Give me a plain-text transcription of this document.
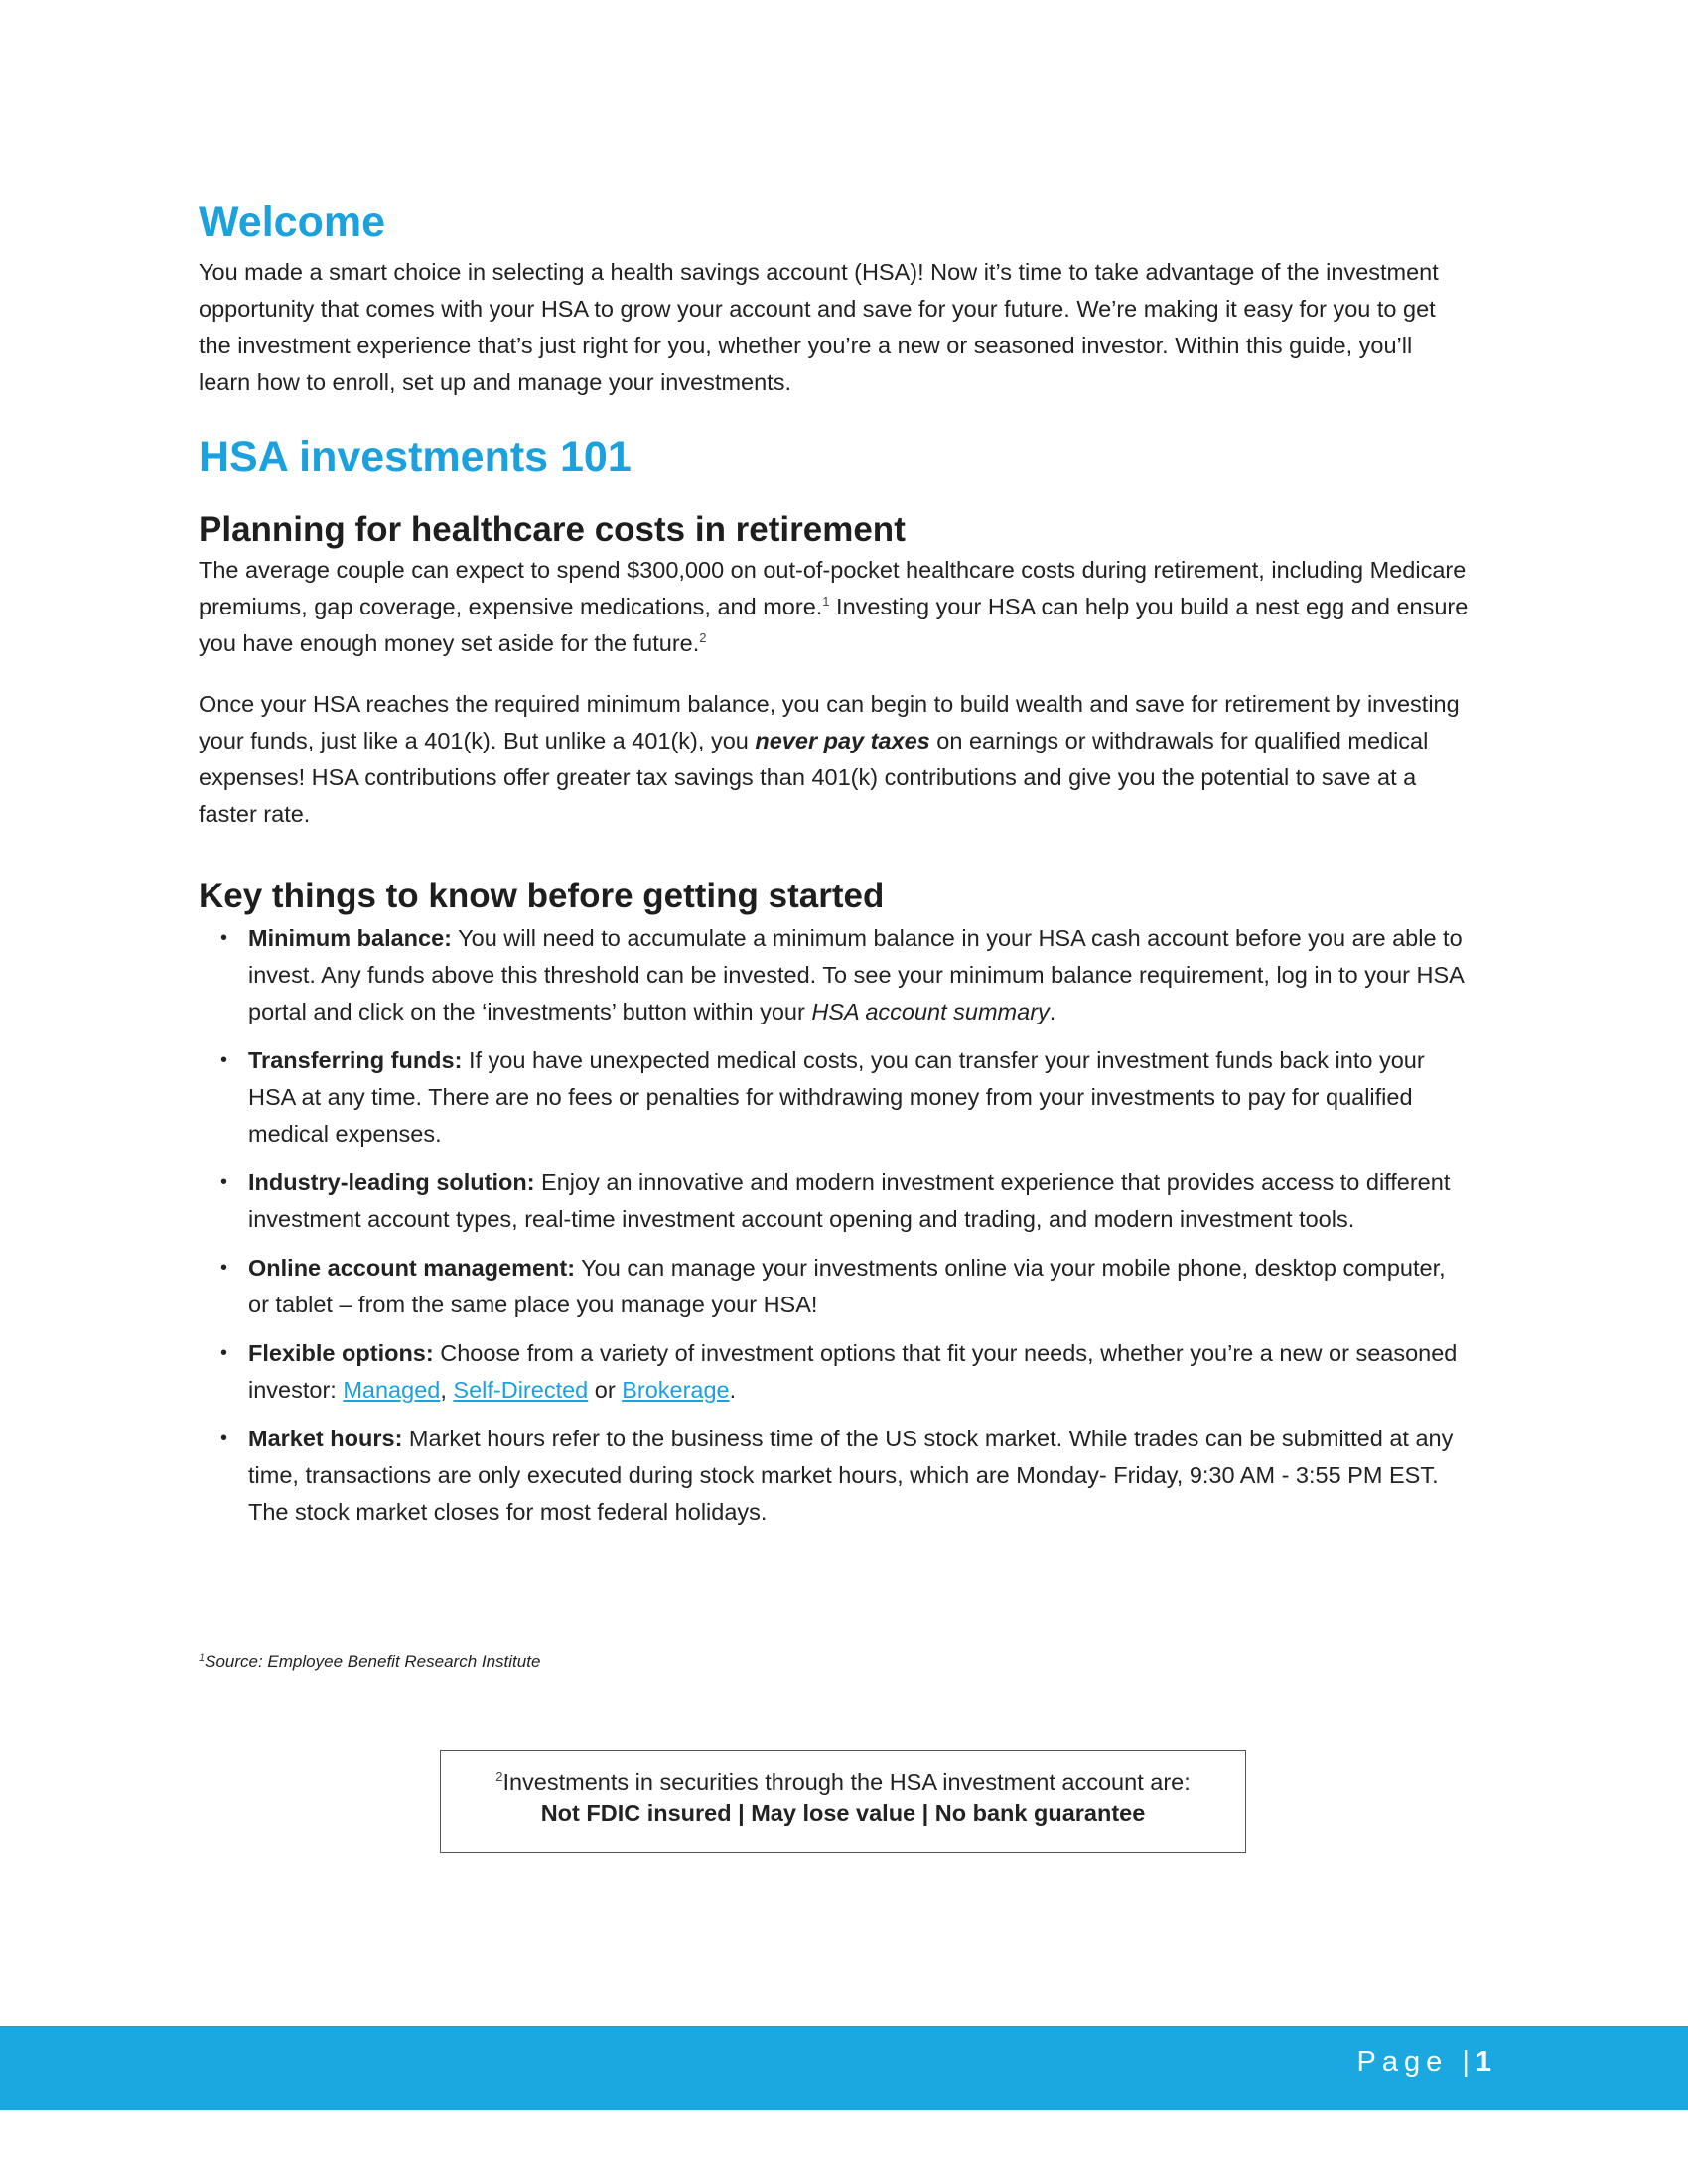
Welcome

You made a smart choice in selecting a health savings account (HSA)! Now it’s time to take advantage of the investment opportunity that comes with your HSA to grow your account and save for your future. We’re making it easy for you to get the investment experience that’s just right for you, whether you’re a new or seasoned investor. Within this guide, you’ll learn how to enroll, set up and manage your investments.

HSA investments 101
Planning for healthcare costs in retirement

The average couple can expect to spend $300,000 on out-of-pocket healthcare costs during retirement, including Medicare premiums, gap coverage, expensive medications, and more.$^1$ Investing your HSA can help you build a nest egg and ensure you have enough money set aside for the future.$^2$

Once your HSA reaches the required minimum balance, you can begin to build wealth and save for retirement by investing your funds, just like a 401(k). But unlike a 401(k), you never pay taxes on earnings or withdrawals for qualified medical expenses! HSA contributions offer greater tax savings than 401(k) contributions and give you the potential to save at a faster rate.

Key things to know before getting started
• Minimum balance: You will need to accumulate a minimum balance in your HSA cash account before you are able to invest. Any funds above this threshold can be invested. To see your minimum balance requirement, log in to your HSA portal and click on the ‘investments’ button within your HSA account summary.
• Transferring funds: If you have unexpected medical costs, you can transfer your investment funds back into your HSA at any time. There are no fees or penalties for withdrawing money from your investments to pay for qualified medical expenses.
• Industry-leading solution: Enjoy an innovative and modern investment experience that provides access to different investment account types, real-time investment account opening and trading, and modern investment tools.
• Online account management: You can manage your investments online via your mobile phone, desktop computer, or tablet – from the same place you manage your HSA!
• Flexible options: Choose from a variety of investment options that fit your needs, whether you’re a new or seasoned investor: Managed, Self-Directed or Brokerage.
• Market hours: Market hours refer to the business time of the US stock market. While trades can be submitted at any time, transactions are only executed during stock market hours, which are Monday- Friday, 9:30 AM - 3:55 PM EST. The stock market closes for most federal holidays.
$^1$Source: Employee Benefit Research Institute
$^2$Investments in securities through the HSA investment account are:
Not FDIC insured | May lose value | No bank guarantee
Page | 1
